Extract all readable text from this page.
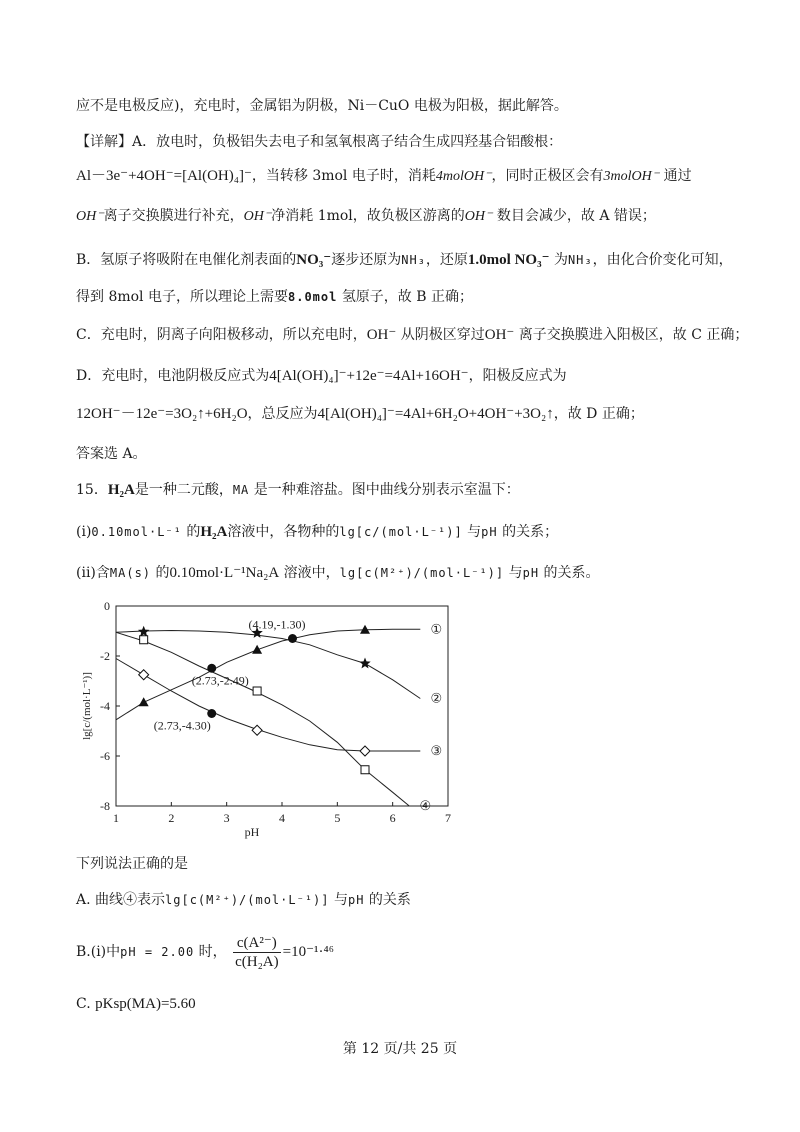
应不是电极反应)，充电时，金属铝为阴极，Ni－CuO 电极为阳极，据此解答。
【详解】A．放电时，负极铝失去电子和氢氧根离子结合生成四羟基合铝酸根：
Al－3e⁻+4OH⁻=[Al(OH)₄]⁻，当转移 3mol 电子时，消耗4molOH⁻，同时正极区会有3molOH⁻ 通过
OH⁻离子交换膜进行补充，OH⁻净消耗 1mol，故负极区游离的OH⁻ 数目会减少，故 A 错误；
B．氢原子将吸附在电催化剂表面的NO₃⁻逐步还原为NH₃，还原1.0mol NO₃⁻ 为NH₃，由化合价变化可知，
得到 8mol 电子，所以理论上需要8.0mol 氢原子，故 B 正确；
C．充电时，阴离子向阳极移动，所以充电时，OH⁻ 从阴极区穿过OH⁻ 离子交换膜进入阳极区，故 C 正确；
D．充电时，电池阴极反应式为4[Al(OH)₄]⁻+12e⁻=4Al+16OH⁻，阳极反应式为
12OH⁻－12e⁻=3O₂↑+6H₂O，总反应为4[Al(OH)₄]⁻=4Al+6H₂O+4OH⁻+3O₂↑，故 D 正确；
答案选 A。
15．H₂A是一种二元酸，MA 是一种难溶盐。图中曲线分别表示室温下：
(i)0.10mol·L⁻¹ 的H₂A溶液中，各物种的lg[c/(mol·L⁻¹)] 与pH 的关系；
(ii)含MA(s) 的0.10mol·L⁻¹Na₂A 溶液中，lg[c(M²⁺)/(mol·L⁻¹)] 与pH 的关系。
1	2	3	4	5	6	7
0
-2
-4
-6
-8
pH
lg[c/(mol·L⁻¹)]
①
②
③
④
(4.19,-1.30)
(2.73,-2.49)
(2.73,-4.30)
下列说法正确的是
A. 曲线④表示lg[c(M²⁺)/(mol·L⁻¹)] 与pH 的关系
B.(i)中pH = 2.00 时， $\frac{\text{c(A²⁻)}}{\text{c(H₂A)}} =10^{-1}\cdot^{46}$
C. pKsp(MA)=5.60
第 12 页/共 25 页
